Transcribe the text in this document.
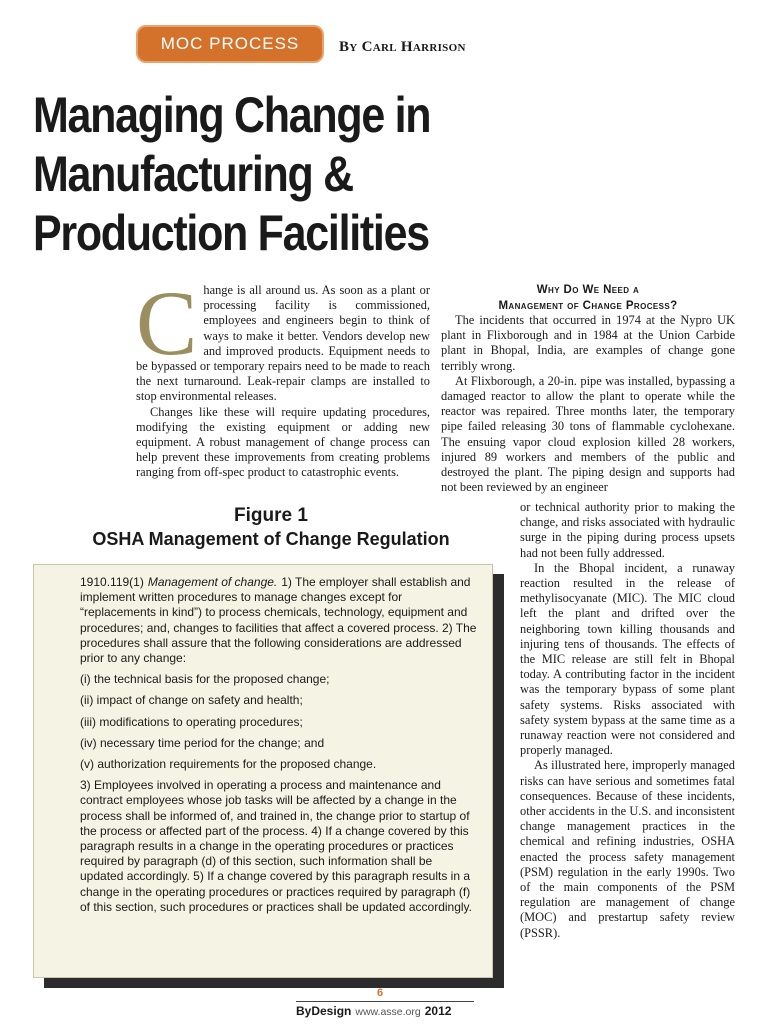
MOC PROCESS	By Carl Harrison
Managing Change in
Manufacturing &
Production Facilities

Change is all around us. As soon as a plant or processing facility is commissioned, employees and engineers begin to think of ways to make it better. Vendors develop new and improved products. Equipment needs to be bypassed or temporary repairs need to be made to reach the next turnaround. Leak-repair clamps are installed to stop environmental releases.

Changes like these will require updating procedures, modifying the existing equipment or adding new equipment. A robust management of change process can help prevent these improvements from creating problems ranging from off-spec product to catastrophic events.

Why Do We Need a
Management of Change Process?

The incidents that occurred in 1974 at the Nypro UK plant in Flixborough and in 1984 at the Union Carbide plant in Bhopal, India, are examples of change gone terribly wrong.

At Flixborough, a 20-in. pipe was installed, bypassing a damaged reactor to allow the plant to operate while the reactor was repaired. Three months later, the temporary pipe failed releasing 30 tons of flammable cyclohexane. The ensuing vapor cloud explosion killed 28 workers, injured 89 workers and members of the public and destroyed the plant. The piping design and supports had not been reviewed by an engineer

or technical authority prior to making the change, and risks associated with hydraulic surge in the piping during process upsets had not been fully addressed.

In the Bhopal incident, a runaway reaction resulted in the release of methylisocyanate (MIC). The MIC cloud left the plant and drifted over the neighboring town killing thousands and injuring tens of thousands. The effects of the MIC release are still felt in Bhopal today. A contributing factor in the incident was the temporary bypass of some plant safety systems. Risks associated with safety system bypass at the same time as a runaway reaction were not considered and properly managed.

As illustrated here, improperly managed risks can have serious and sometimes fatal consequences. Because of these incidents, other accidents in the U.S. and inconsistent change management practices in the chemical and refining industries, OSHA enacted the process safety management (PSM) regulation in the early 1990s. Two of the main components of the PSM regulation are management of change (MOC) and prestartup safety review (PSSR).

Figure 1
OSHA Management of Change Regulation

1910.119(1) Management of change. 1) The employer shall establish and implement written procedures to manage changes except for “replacements in kind”) to process chemicals, technology, equipment and procedures; and, changes to facilities that affect a covered process. 2) The procedures shall assure that the following considerations are addressed prior to any change:

(i) the technical basis for the proposed change;

(ii) impact of change on safety and health;

(iii) modifications to operating procedures;

(iv) necessary time period for the change; and

(v) authorization requirements for the proposed change.

3) Employees involved in operating a process and maintenance and contract employees whose job tasks will be affected by a change in the process shall be informed of, and trained in, the change prior to startup of the process or affected part of the process. 4) If a change covered by this paragraph results in a change in the operating procedures or practices required by paragraph (d) of this section, such information shall be updated accordingly. 5) If a change covered by this paragraph results in a change in the operating procedures or practices required by paragraph (f) of this section, such procedures or practices shall be updated accordingly.

6
ByDesign www.asse.org 2012
